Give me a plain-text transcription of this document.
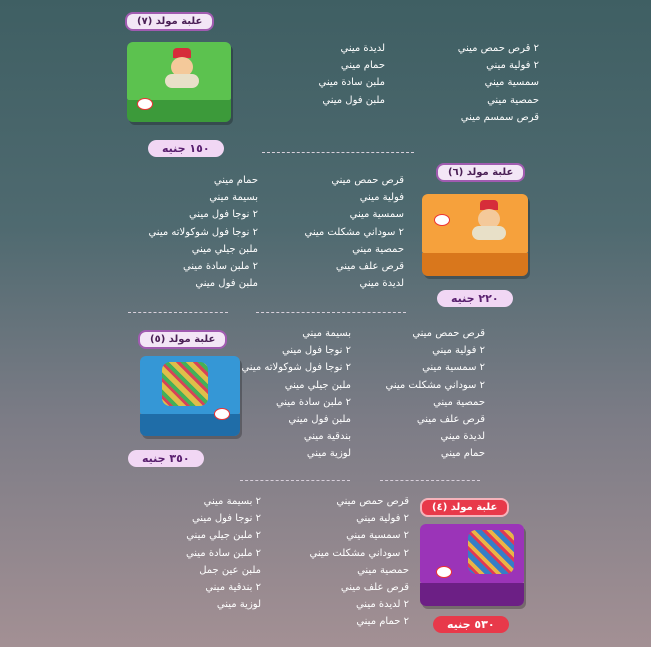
علبة مولد (٧)
١٥٠ جنيه
٢ قرص حمص ميني
٢ فولية ميني
سمسية ميني
حمصية ميني
قرص سمسم ميني
لديدة ميني
حمام ميني
ملبن سادة ميني
ملبن فول ميني
علبة مولد (٦)
٢٢٠ جنيه
قرص حمص ميني
فولية ميني
سمسية ميني
٢ سوداني مشكلت ميني
حمصية ميني
قرص علف ميني
لديدة ميني
حمام ميني
بسيمة ميني
٢ نوجا فول ميني
٢ نوجا فول شوكولاته ميني
ملبن جيلي ميني
٢ ملبن سادة ميني
ملبن فول ميني
علبة مولد (٥)
٣٥٠ جنيه
قرص حمص ميني
٢ فولية ميني
٢ سمسية ميني
٢ سوداني مشكلت ميني
حمصية ميني
قرص علف ميني
لديدة ميني
حمام ميني
بسيمة ميني
٢ نوجا فول ميني
٢ نوجا فول شوكولاته ميني
ملبن جيلي ميني
٢ ملبن سادة ميني
ملبن فول ميني
بندقية ميني
لوزية ميني
علبة مولد (٤)
٥٣٠ جنيه
قرص حمص ميني
٢ فولية ميني
٢ سمسية ميني
٢ سوداني مشكلت ميني
حمصية ميني
قرص علف ميني
٢ لديدة ميني
٢ حمام ميني
٢ بسيمة ميني
٢ نوجا فول ميني
٢ ملبن جيلي ميني
٢ ملبن سادة ميني
ملبن عين جمل
٢ بندقية ميني
لوزية ميني
